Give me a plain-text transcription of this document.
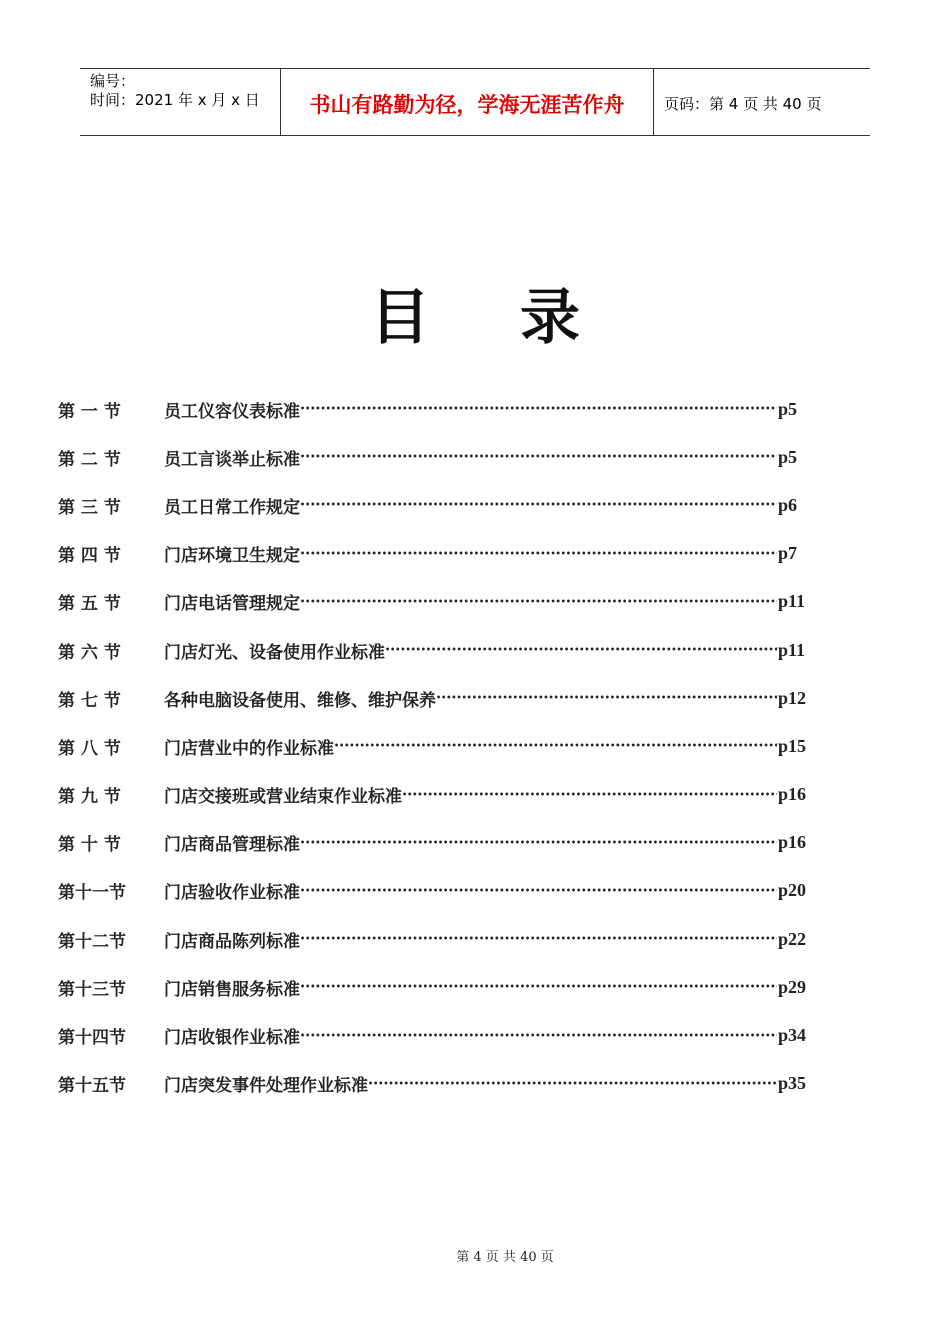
编号：
时间：2021 年 x 月 x 日	书山有路勤为径，学海无涯苦作舟	页码：第 4 页 共 40 页
目 录
第 一 节	员工仪容仪表标准 •••••	p5
第 二 节	员工言谈举止标准 •••••	p5
第 三 节	员工日常工作规定 •••••	p6
第 四 节	门店环境卫生规定 •••••	p7
第 五 节	门店电话管理规定 •••••	p11
第 六 节	门店灯光、设备使用作业标准 •••••	p11
第 七 节	各种电脑设备使用、维修、维护保养 •••••	p12
第 八 节	门店营业中的作业标准 •••••	p15
第 九 节	门店交接班或营业结束作业标准 •••••	p16
第 十 节	门店商品管理标准 •••••	p16
第十一节	门店验收作业标准 •••••	p20
第十二节	门店商品陈列标准 •••••	p22
第十三节	门店销售服务标准 •••••	p29
第十四节	门店收银作业标准 •••••	p34
第十五节	门店突发事件处理作业标准 •••••	p35
第 4 页 共 40 页
